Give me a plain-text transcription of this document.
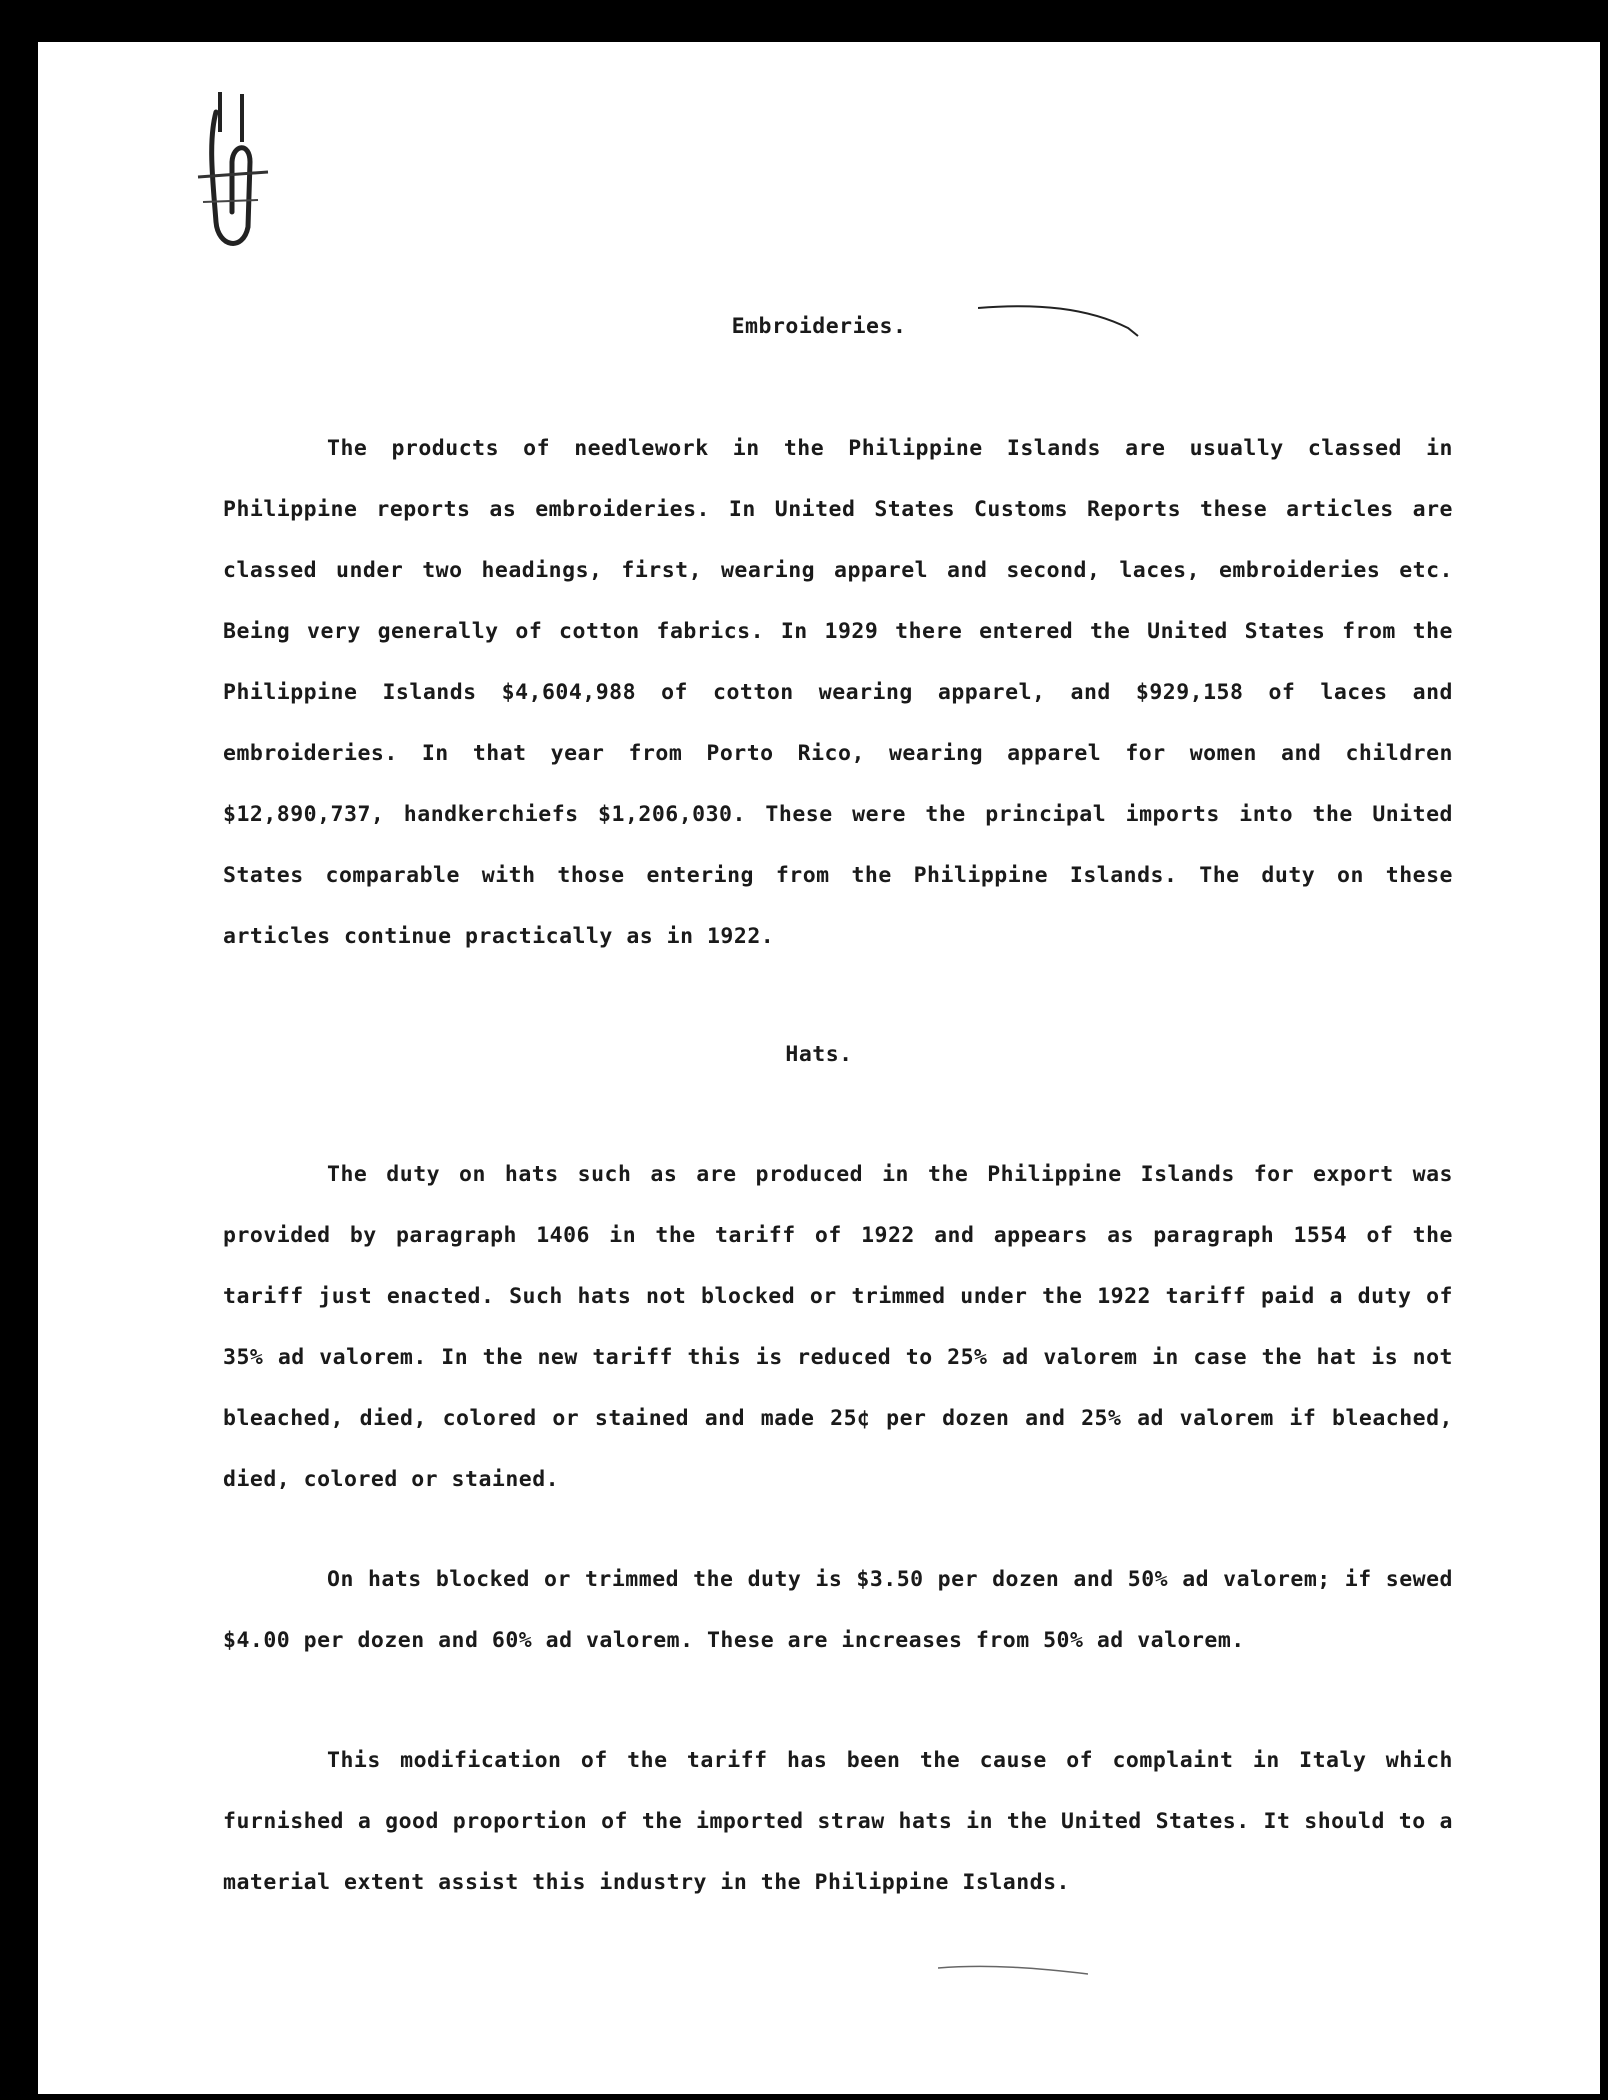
Embroideries.

The products of needlework in the Philippine Islands are usually classed in Philippine reports as embroideries. In United States Customs Reports these articles are classed under two headings, first, wearing apparel and second, laces, embroideries etc. Being very generally of cotton fabrics. In 1929 there entered the United States from the Philippine Islands $4,604,988 of cotton wearing apparel, and $929,158 of laces and embroideries. In that year from Porto Rico, wearing apparel for women and children $12,890,737, handkerchiefs $1,206,030. These were the principal imports into the United States comparable with those entering from the Philippine Islands. The duty on these articles continue practically as in 1922.

Hats.

The duty on hats such as are produced in the Philippine Islands for export was provided by paragraph 1406 in the tariff of 1922 and appears as paragraph 1554 of the tariff just enacted. Such hats not blocked or trimmed under the 1922 tariff paid a duty of 35% ad valorem. In the new tariff this is reduced to 25% ad valorem in case the hat is not bleached, died, colored or stained and made 25¢ per dozen and 25% ad valorem if bleached, died, colored or stained.

On hats blocked or trimmed the duty is $3.50 per dozen and 50% ad valorem; if sewed $4.00 per dozen and 60% ad valorem. These are increases from 50% ad valorem.

This modification of the tariff has been the cause of complaint in Italy which furnished a good proportion of the imported straw hats in the United States. It should to a material extent assist this industry in the Philippine Islands.
